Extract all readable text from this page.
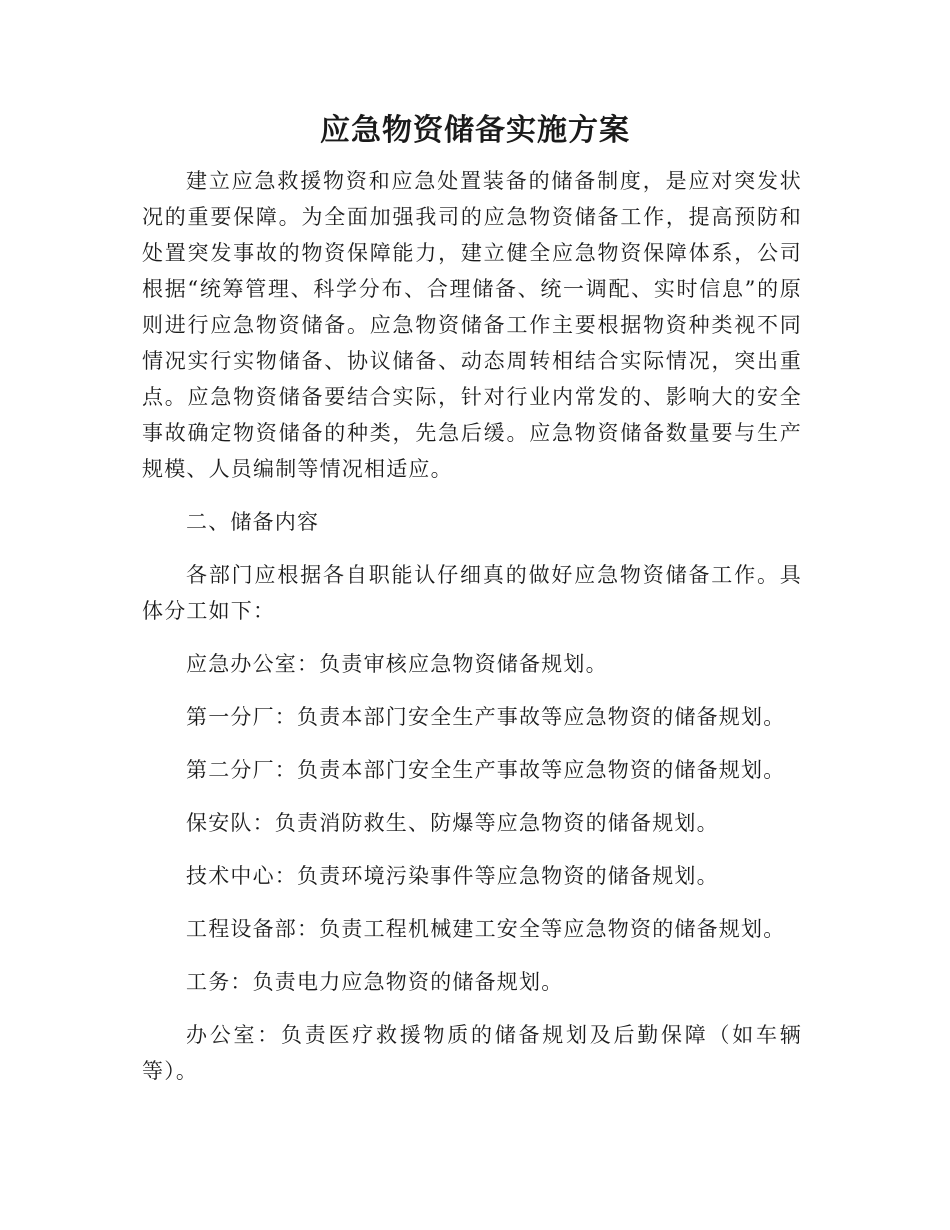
应急物资储备实施方案

建立应急救援物资和应急处置装备的储备制度，是应对突发状况的重要保障。为全面加强我司的应急物资储备工作，提高预防和处置突发事故的物资保障能力，建立健全应急物资保障体系，公司根据“统筹管理、科学分布、合理储备、统一调配、实时信息”的原则进行应急物资储备。应急物资储备工作主要根据物资种类视不同情况实行实物储备、协议储备、动态周转相结合实际情况，突出重点。应急物资储备要结合实际，针对行业内常发的、影响大的安全事故确定物资储备的种类，先急后缓。应急物资储备数量要与生产规模、人员编制等情况相适应。

二、储备内容

各部门应根据各自职能认仔细真的做好应急物资储备工作。具体分工如下：

应急办公室：负责审核应急物资储备规划。

第一分厂：负责本部门安全生产事故等应急物资的储备规划。

第二分厂：负责本部门安全生产事故等应急物资的储备规划。

保安队：负责消防救生、防爆等应急物资的储备规划。

技术中心：负责环境污染事件等应急物资的储备规划。

工程设备部：负责工程机械建工安全等应急物资的储备规划。

工务：负责电力应急物资的储备规划。

办公室：负责医疗救援物质的储备规划及后勤保障（如车辆等）。
